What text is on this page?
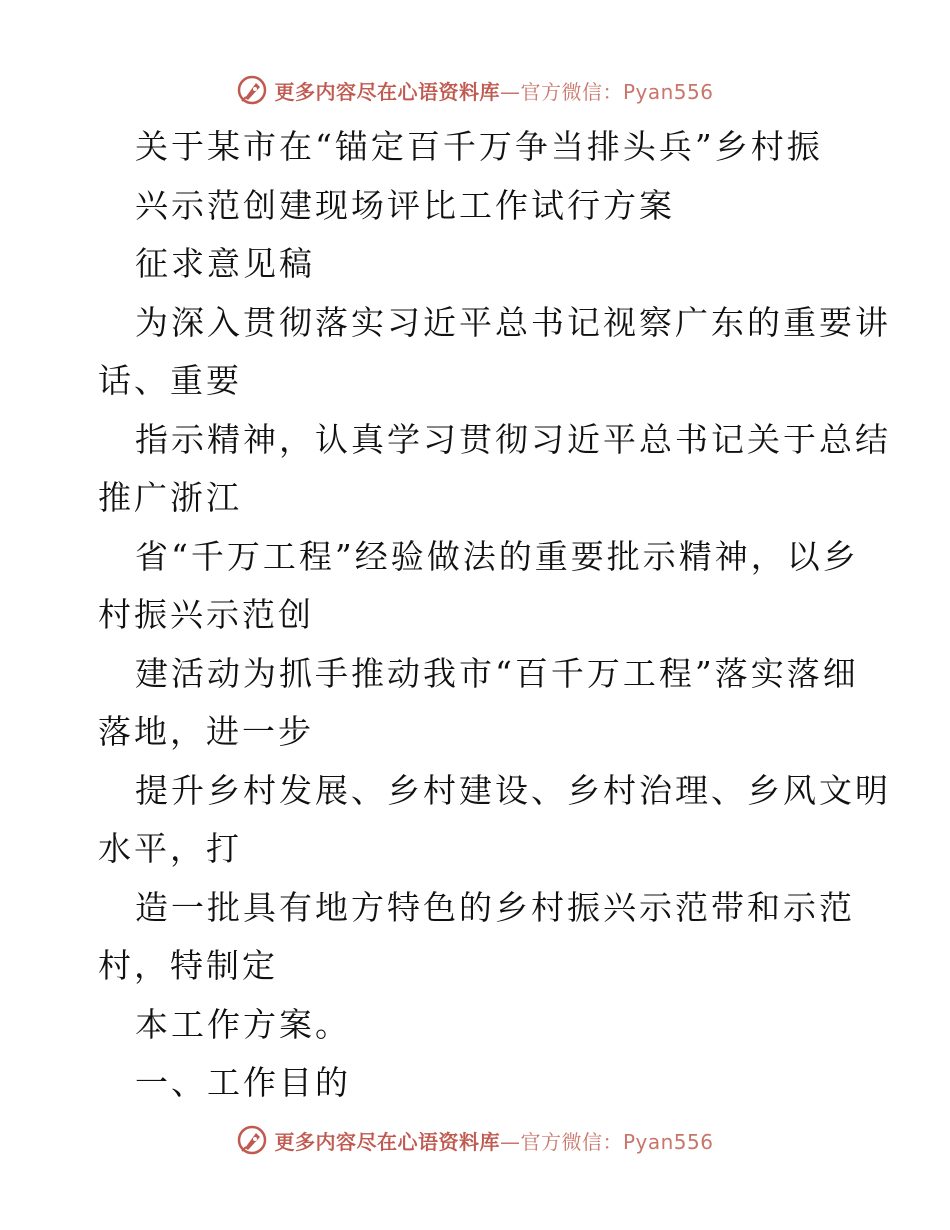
更多内容尽在心语资料库—官方微信：Pyan556
关于某市在“锚定百千万争当排头兵”乡村振
兴示范创建现场评比工作试行方案
征求意见稿
为深入贯彻落实习近平总书记视察广东的重要讲
话、重要
指示精神，认真学习贯彻习近平总书记关于总结
推广浙江
省“千万工程”经验做法的重要批示精神，以乡
村振兴示范创
建活动为抓手推动我市“百千万工程”落实落细
落地，进一步
提升乡村发展、乡村建设、乡村治理、乡风文明
水平，打
造一批具有地方特色的乡村振兴示范带和示范
村，特制定
本工作方案。
一、工作目的
更多内容尽在心语资料库—官方微信：Pyan556
